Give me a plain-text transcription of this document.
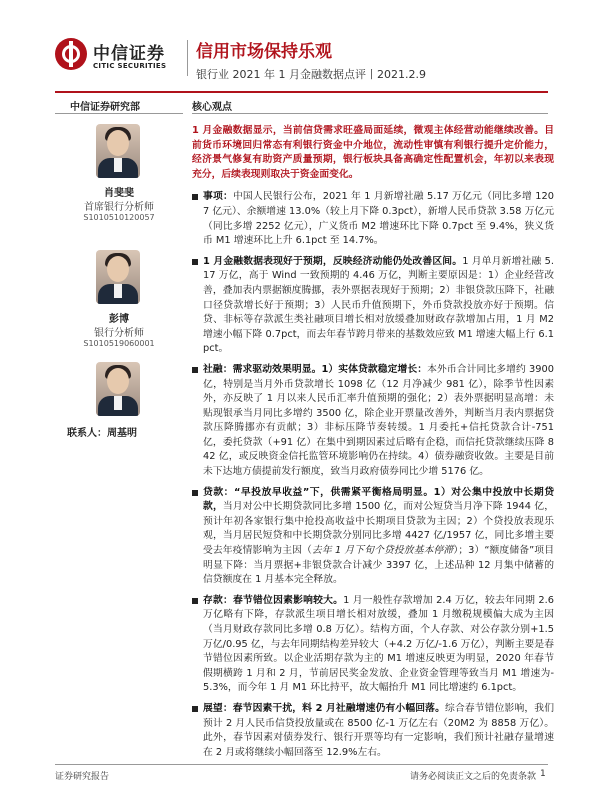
中信证券
CITIC SECURITIES
信用市场保持乐观
银行业 2021 年 1 月金融数据点评丨2021.2.9
中信证券研究部	核心观点
肖斐斐
首席银行分析师
S1010510120057
彭博
银行分析师
S1010519060001
联系人：周基明
1 月金融数据显示，当前信贷需求旺盛局面延续，微观主体经营动能继续改善。目前货币环境回归常态有利银行资金中介地位，流动性审慎有利银行提升定价能力，经济景气修复有助资产质量预期，银行板块具备高确定性配置机会，年初以来表现充分，后续表现则取决于资金面变化。
事项：中国人民银行公布，2021 年 1 月新增社融 5.17 万亿元（同比多增 1207 亿元）、余额增速 13.0%（较上月下降 0.3pct），新增人民币贷款 3.58 万亿元（同比多增 2252 亿元），广义货币 M2 增速环比下降 0.7pct 至 9.4%，狭义货币 M1 增速环比上升 6.1pct 至 14.7%。
1 月金融数据表现好于预期，反映经济动能仍处改善区间。1 月单月新增社融 5.17 万亿，高于 Wind 一致预期的 4.46 万亿，判断主要原因是：1）企业经营改善，叠加表内票据额度腾挪，表外票据表现好于预期；2）非银贷款压降下，社融口径贷款增长好于预期；3）人民币升值预期下，外币贷款投放亦好于预期。信贷、非标等存款派生类社融项目增长相对放缓叠加财政存款增加占用，1 月 M2 增速小幅下降 0.7pct，而去年春节跨月带来的基数效应致 M1 增速大幅上行 6.1pct。
社融：需求驱动效果明显。1）实体贷款稳定增长：本外币合计同比多增约 3900 亿，特别是当月外币贷款增长 1098 亿（12 月净减少 981 亿），除季节性因素外，亦反映了 1 月以来人民币汇率升值预期的强化；2）表外票据明显高增：未贴现银承当月同比多增约 3500 亿，除企业开票量改善外，判断当月表内票据贷款压降腾挪亦有贡献；3）非标压降节奏转缓。1 月委托+信托贷款合计-751 亿，委托贷款（+91 亿）在集中到期因素过后略有企稳，而信托贷款继续压降 842 亿，或反映资金信托监管环境影响仍在持续。4）债券融资收敛。主要是目前未下达地方债提前发行额度，致当月政府债券同比少增 5176 亿。
贷款：“早投放早收益”下，供需紧平衡格局明显。1）对公集中投放中长期贷款，当月对公中长期贷款同比多增 1500 亿，而对公短贷当月净下降 1944 亿，预计年初各家银行集中抢投高收益中长期项目贷款为主因；2）个贷投放表现乐观，当月居民短贷和中长期贷款分别同比多增 4427 亿/1957 亿，同比多增主要受去年疫情影响为主因（去年 1 月下旬个贷投放基本停滞）；3）“额度储备”项目明显下降：当月票据+非银贷款合计减少 3397 亿，上述品种 12 月集中储蓄的信贷额度在 1 月基本完全释放。
存款：春节错位因素影响较大。1 月一般性存款增加 2.4 万亿，较去年同期 2.6 万亿略有下降，存款派生项目增长相对放缓，叠加 1 月缴税规模偏大成为主因（当月财政存款同比多增 0.8 万亿）。结构方面，个人存款、对公存款分别+1.5 万亿/0.95 亿，与去年同期结构差异较大（+4.2 万亿/-1.6 万亿），判断主要是春节错位因素所致。以企业活期存款为主的 M1 增速反映更为明显，2020 年春节假期横跨 1 月和 2 月，节前居民奖金发放、企业资金管理等致当月 M1 增速为-5.3%，而今年 1 月 M1 环比持平，故大幅抬升 M1 同比增速约 6.1pct。
展望：春节因素干扰，料 2 月社融增速仍有小幅回落。综合春节错位影响，我们预计 2 月人民币信贷投放量或在 8500 亿-1 万亿左右（20M2 为 8858 万亿）。此外，春节因素对债券发行、银行开票等均有一定影响，我们预计社融存量增速在 2 月或将继续小幅回落至 12.9%左右。
证券研究报告	请务必阅读正文之后的免责条款 1
